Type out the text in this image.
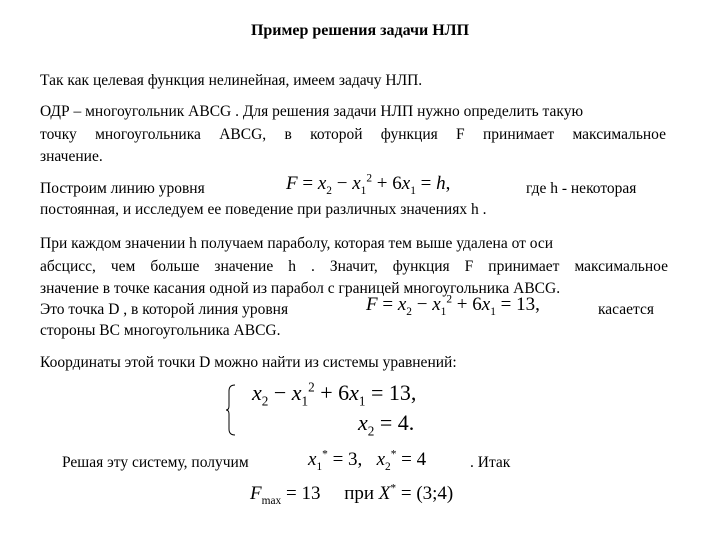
Пример решения задачи НЛП
Так как целевая функция нелинейная, имеем задачу НЛП.
ОДР – многоугольник ABCG . Для решения задачи НЛП нужно определить такую
точку многоугольника ABCG, в которой функция F принимает максимальное
значение.
Построим линию уровня	$F = x_2 - x_1^2 + 6x_1 = h$,	где h - некоторая
постоянная, и исследуем ее поведение при различных значениях h .
При каждом значении h получаем параболу, которая тем выше удалена от оси
абсцисс, чем больше значение h . Значит, функция F принимает максимальное
значение в точке касания одной из парабол с границей многоугольника ABCG.
Это точка D , в которой линия уровня	$F = x_2 - x_1^2 + 6x_1 = 13$,	касается
стороны BC многоугольника ABCG.
Координаты этой точки D можно найти из системы уравнений:
$x_2 - x_1^2 + 6x_1 = 13$,
$x_2 = 4$.
Решая эту систему, получим	$x_1^* = 3$,   $x_2^* = 4$	. Итак
$F_{max} = 13$     при X* = (3;4)
